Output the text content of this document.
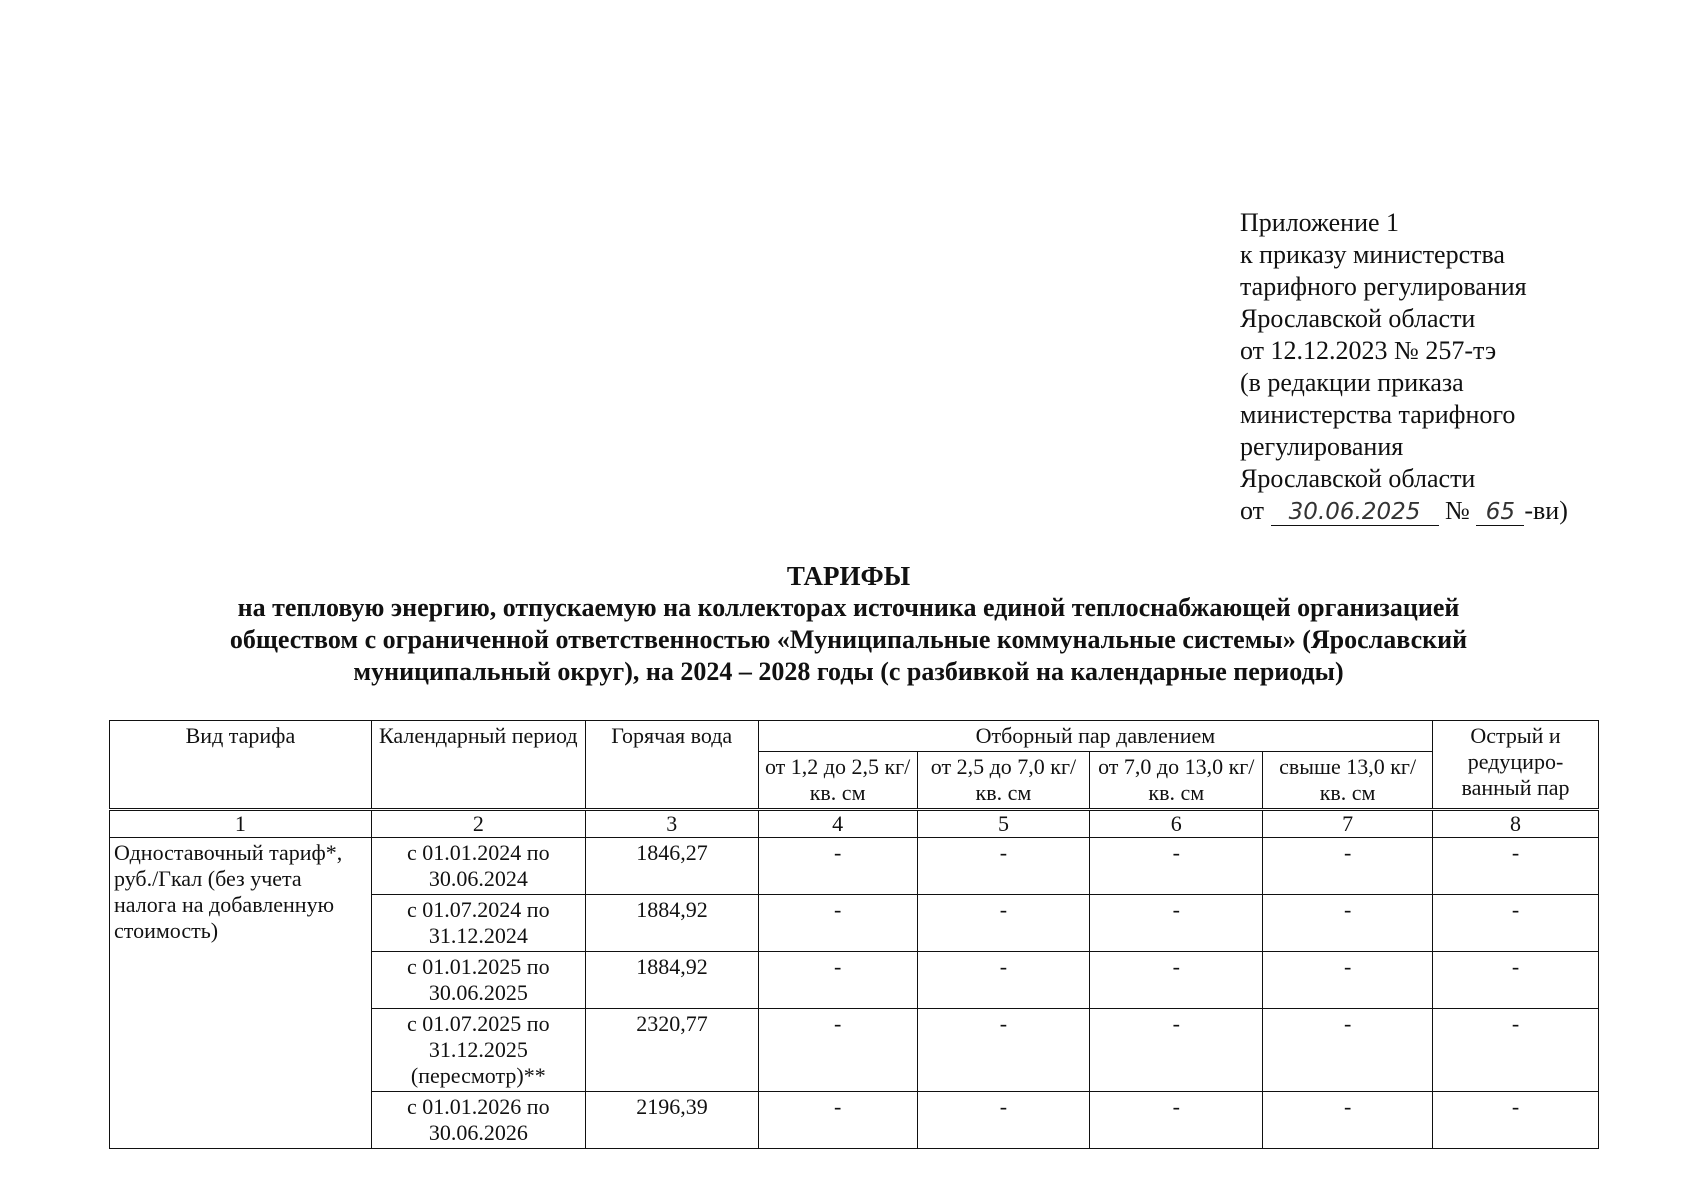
Приложение 1
к приказу министерства
тарифного регулирования
Ярославской области
от 12.12.2023 № 257-тэ
(в редакции приказа
министерства тарифного
регулирования
Ярославской области
от 30.06.2025 № 65 -ви)
ТАРИФЫ
на тепловую энергию, отпускаемую на коллекторах источника единой теплоснабжающей организацией
обществом с ограниченной ответственностью «Муниципальные коммунальные системы» (Ярославский
муниципальный округ), на 2024 – 2028 годы (с разбивкой на календарные периоды)
Вид тарифа	Календарный период	Горячая вода	Отборный пар давлением				Острый и редуциро-ванный пар
			от 1,2 до 2,5 кг/ кв. см	от 2,5 до 7,0 кг/ кв. см	от 7,0 до 13,0 кг/ кв. см	свыше 13,0 кг/ кв. см	
1	2	3	4	5	6	7	8
Одноставочный тариф*, руб./Гкал (без учета налога на добавленную стоимость)	с 01.01.2024 по 30.06.2024	1846,27	-	-	-	-	-
	с 01.07.2024 по 31.12.2024	1884,92	-	-	-	-	-
	с 01.01.2025 по 30.06.2025	1884,92	-	-	-	-	-
	с 01.07.2025 по 31.12.2025 (пересмотр)**	2320,77	-	-	-	-	-
	с 01.01.2026 по 30.06.2026	2196,39	-	-	-	-	-
